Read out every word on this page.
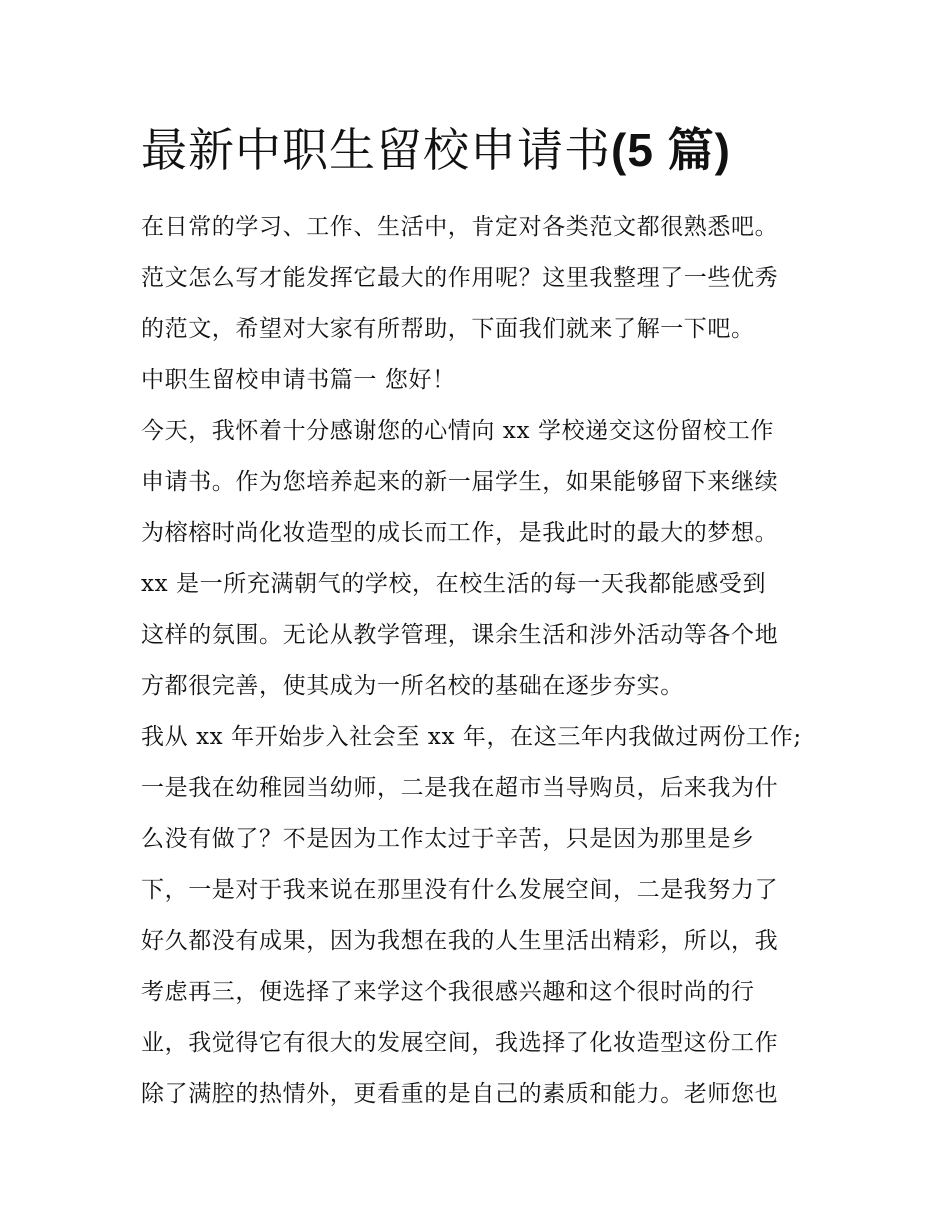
最新中职生留校申请书(5 篇)
在日常的学习、工作、生活中，肯定对各类范文都很熟悉吧。
范文怎么写才能发挥它最大的作用呢？这里我整理了一些优秀
的范文，希望对大家有所帮助，下面我们就来了解一下吧。
中职生留校申请书篇一 您好！
今天，我怀着十分感谢您的心情向 xx 学校递交这份留校工作
申请书。作为您培养起来的新一届学生，如果能够留下来继续
为榕榕时尚化妆造型的成长而工作，是我此时的最大的梦想。
xx 是一所充满朝气的学校，在校生活的每一天我都能感受到
这样的氛围。无论从教学管理，课余生活和涉外活动等各个地
方都很完善，使其成为一所名校的基础在逐步夯实。
我从 xx 年开始步入社会至 xx 年，在这三年内我做过两份工作;
一是我在幼稚园当幼师，二是我在超市当导购员，后来我为什
么没有做了？不是因为工作太过于辛苦，只是因为那里是乡
下，一是对于我来说在那里没有什么发展空间，二是我努力了
好久都没有成果，因为我想在我的人生里活出精彩，所以，我
考虑再三，便选择了来学这个我很感兴趣和这个很时尚的行
业，我觉得它有很大的发展空间，我选择了化妆造型这份工作
除了满腔的热情外，更看重的是自己的素质和能力。老师您也
